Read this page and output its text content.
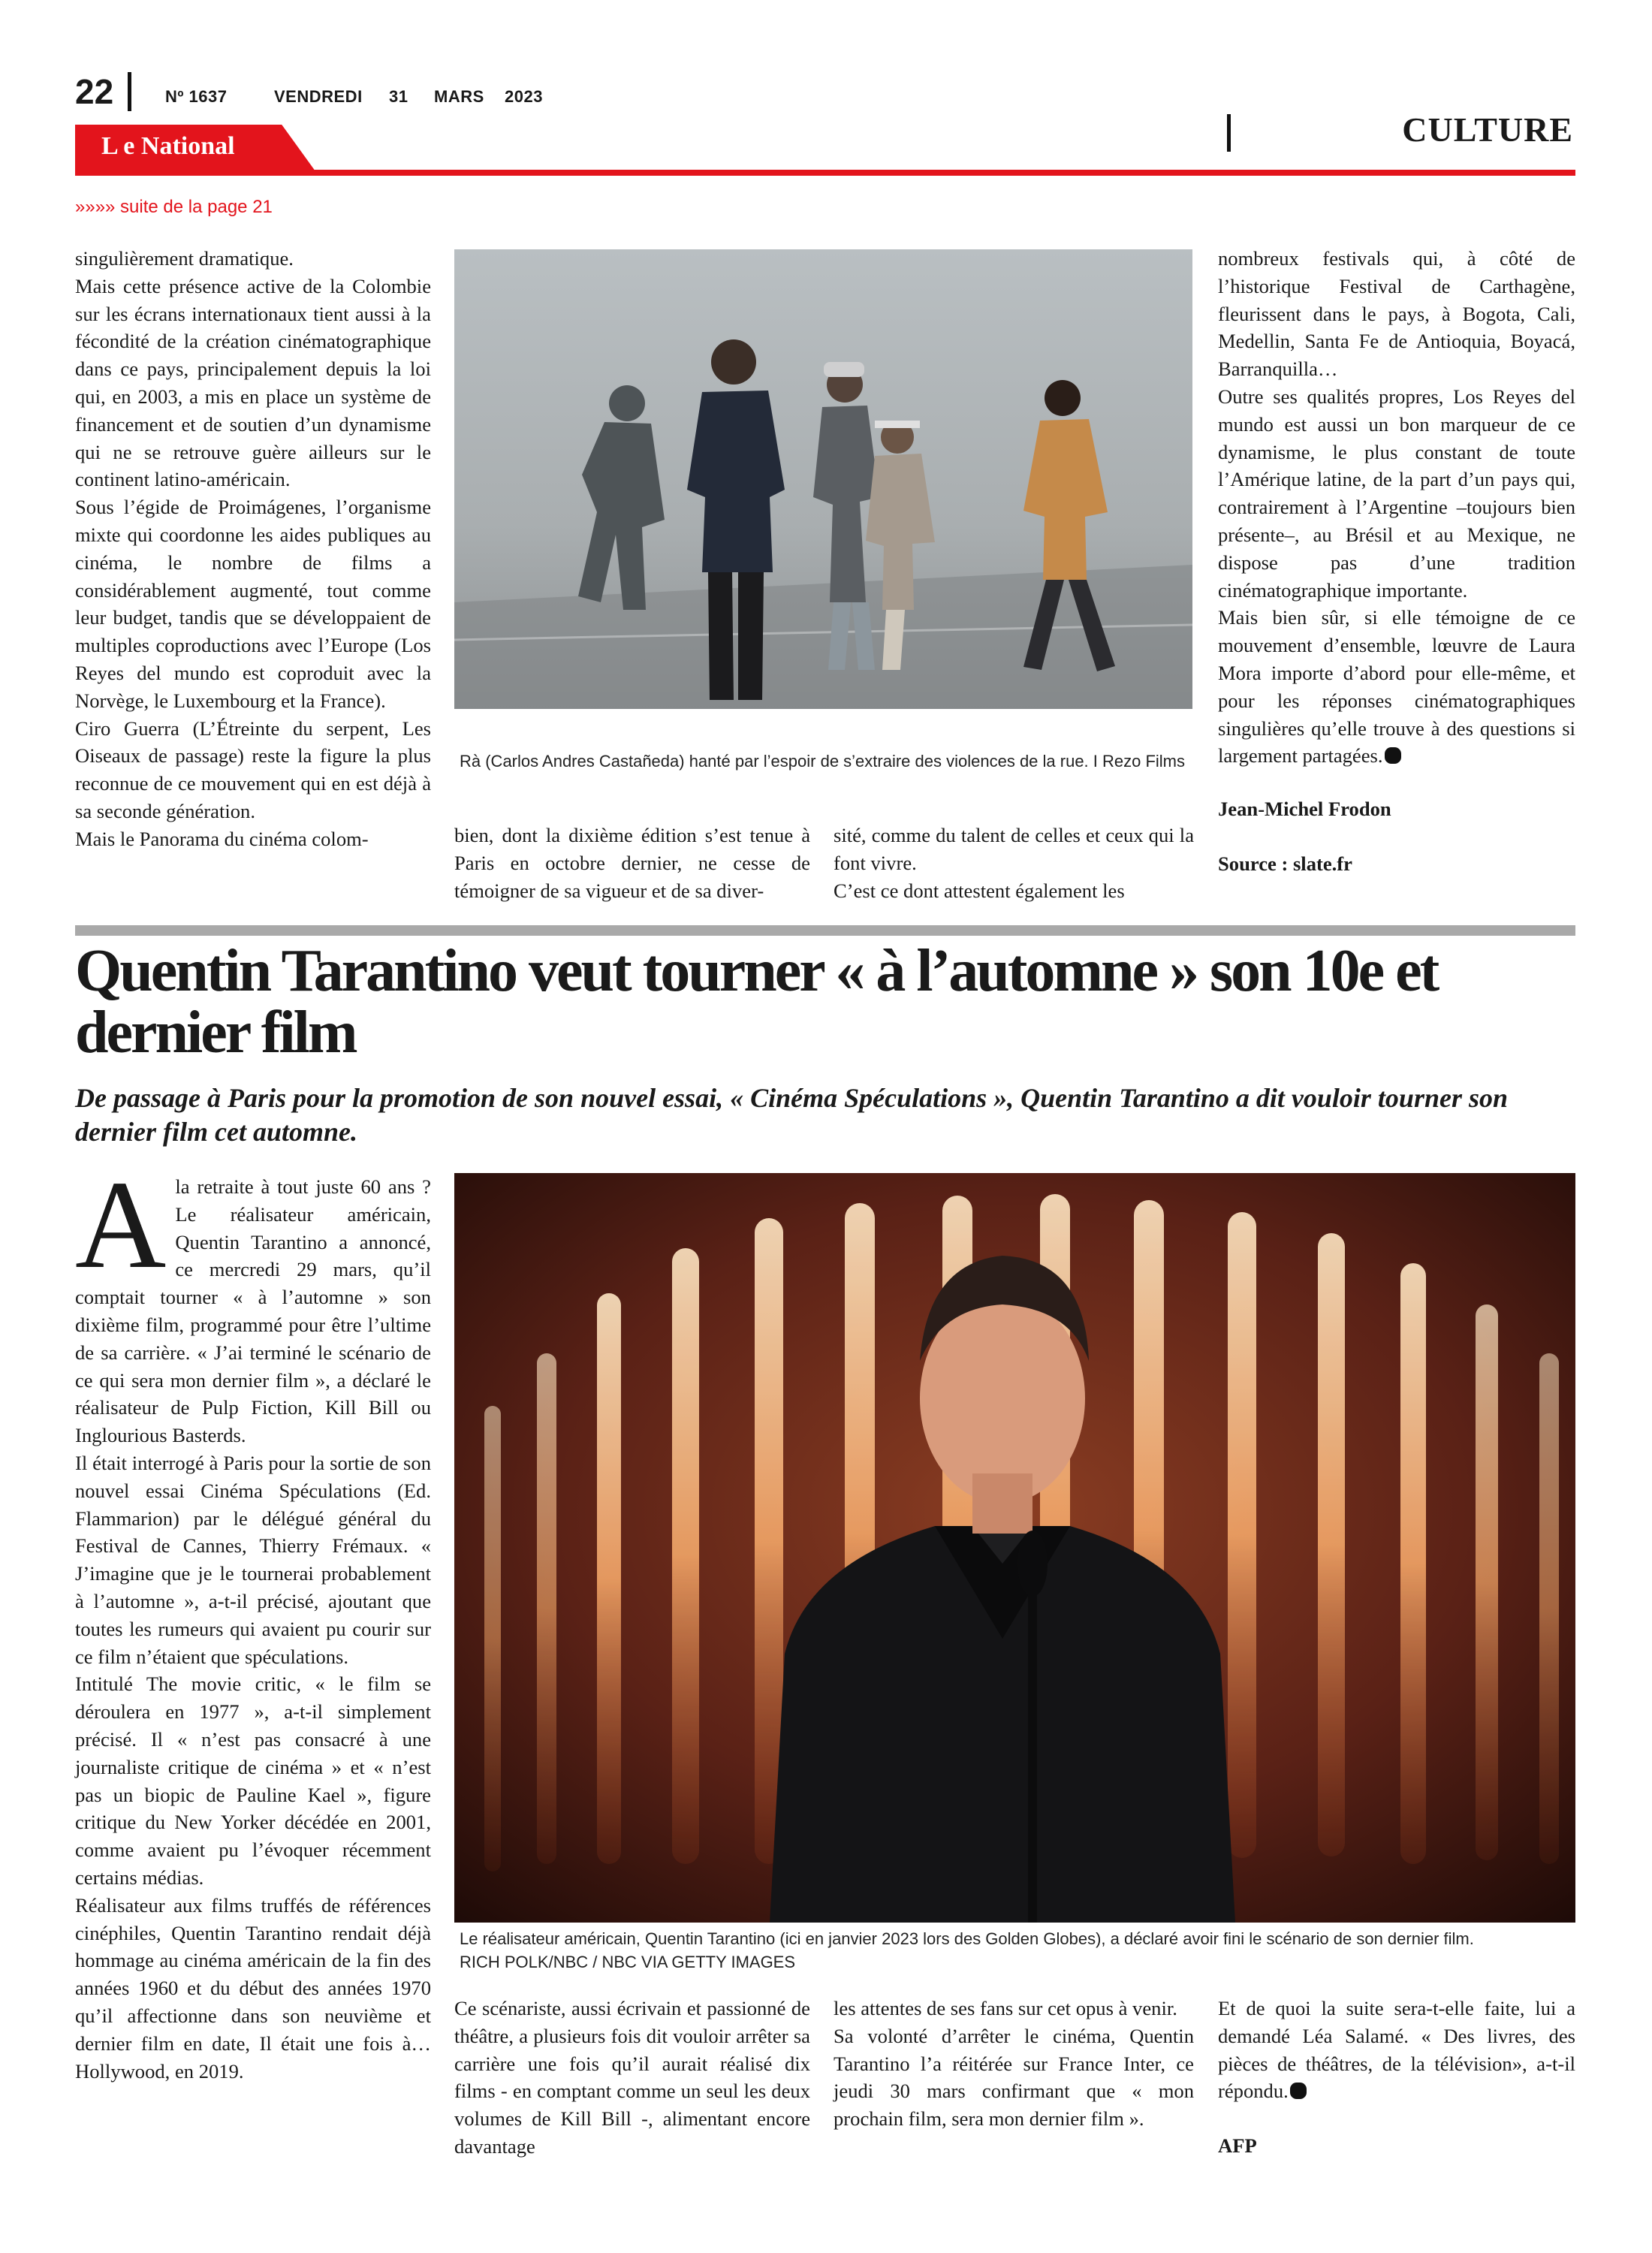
22	Nº 1637	VENDREDI 31 MARS 2023
CULTURE
L e National
»»»» suite de la page 21

singulièrement dramatique.

Mais cette présence active de la Colombie sur les écrans internationaux tient aussi à la fécondité de la création cinématographique dans ce pays, principalement depuis la loi qui, en 2003, a mis en place un système de financement et de soutien d’un dynamisme qui ne se retrouve guère ailleurs sur le continent latino-américain.

Sous l’égide de Proimágenes, l’organisme mixte qui coordonne les aides publiques au cinéma, le nombre de films a considérablement augmenté, tout comme leur budget, tandis que se développaient de multiples coproductions avec l’Europe (Los Reyes del mundo est coproduit avec la Norvège, le Luxembourg et la France).

Ciro Guerra (L’Étreinte du serpent, Les Oiseaux de passage) reste la figure la plus reconnue de ce mouvement qui en est déjà à sa seconde génération.

Mais le Panorama du cinéma colom-

Rà (Carlos Andres Castañeda) hanté par l’espoir de s’extraire des violences de la rue. I Rezo Films

bien, dont la dixième édition s’est tenue à Paris en octobre dernier, ne cesse de témoigner de sa vigueur et de sa diver-

sité, comme du talent de celles et ceux qui la font vivre.

C’est ce dont attestent également les

nombreux festivals qui, à côté de l’historique Festival de Carthagène, fleurissent dans le pays, à Bogota, Cali, Medellin, Santa Fe de Antioquia, Boyacá, Barranquilla…

Outre ses qualités propres, Los Reyes del mundo est aussi un bon marqueur de ce dynamisme, le plus constant de toute l’Amérique latine, de la part d’un pays qui, contrairement à l’Argentine –toujours bien présente–, au Brésil et au Mexique, ne dispose pas d’une tradition cinématographique importante.

Mais bien sûr, si elle témoigne de ce mouvement d’ensemble, lœuvre de Laura Mora importe d’abord pour elle-même, et pour les réponses cinématographiques singulières qu’elle trouve à des questions si largement partagées.

Jean-Michel Frodon

Source : slate.fr

Quentin Tarantino veut tourner « à l’automne » son 10e et dernier film
De passage à Paris pour la promotion de son nouvel essai, « Cinéma Spéculations », Quentin Tarantino a dit vouloir tourner son dernier film cet automne.

Ala retraite à tout juste 60 ans ? Le réalisateur américain, Quentin Tarantino a annoncé, ce mercredi 29 mars, qu’il comptait tourner « à l’automne » son dixième film, programmé pour être l’ultime de sa carrière. « J’ai terminé le scénario de ce qui sera mon dernier film », a déclaré le réalisateur de Pulp Fiction, Kill Bill ou Inglourious Basterds.

Il était interrogé à Paris pour la sortie de son nouvel essai Cinéma Spéculations (Ed. Flammarion) par le délégué général du Festival de Cannes, Thierry Frémaux. « J’imagine que je le tournerai probablement à l’automne », a-t-il précisé, ajoutant que toutes les rumeurs qui avaient pu courir sur ce film n’étaient que spéculations.

Intitulé The movie critic, « le film se déroulera en 1977 », a-t-il simplement précisé. Il « n’est pas consacré à une journaliste critique de cinéma » et « n’est pas un biopic de Pauline Kael », figure critique du New Yorker décédée en 2001, comme avaient pu l’évoquer récemment certains médias.

Réalisateur aux films truffés de références cinéphiles, Quentin Tarantino rendait déjà hommage au cinéma américain de la fin des années 1960 et du début des années 1970 qu’il affectionne dans son neuvième et dernier film en date, Il était une fois à… Hollywood, en 2019.

Le réalisateur américain, Quentin Tarantino (ici en janvier 2023 lors des Golden Globes), a déclaré avoir fini le scénario de son dernier film.
RICH POLK/NBC / NBC VIA GETTY IMAGES

Ce scénariste, aussi écrivain et passionné de théâtre, a plusieurs fois dit vouloir arrêter sa carrière une fois qu’il aurait réalisé dix films - en comptant comme un seul les deux volumes de Kill Bill -, alimentant encore davantage

les attentes de ses fans sur cet opus à venir.

Sa volonté d’arrêter le cinéma, Quentin Tarantino l’a réitérée sur France Inter, ce jeudi 30 mars confirmant que « mon prochain film, sera mon dernier film ».

Et de quoi la suite sera-t-elle faite, lui a demandé Léa Salamé. « Des livres, des pièces de théâtres, de la télévision», a-t-il répondu.

AFP
